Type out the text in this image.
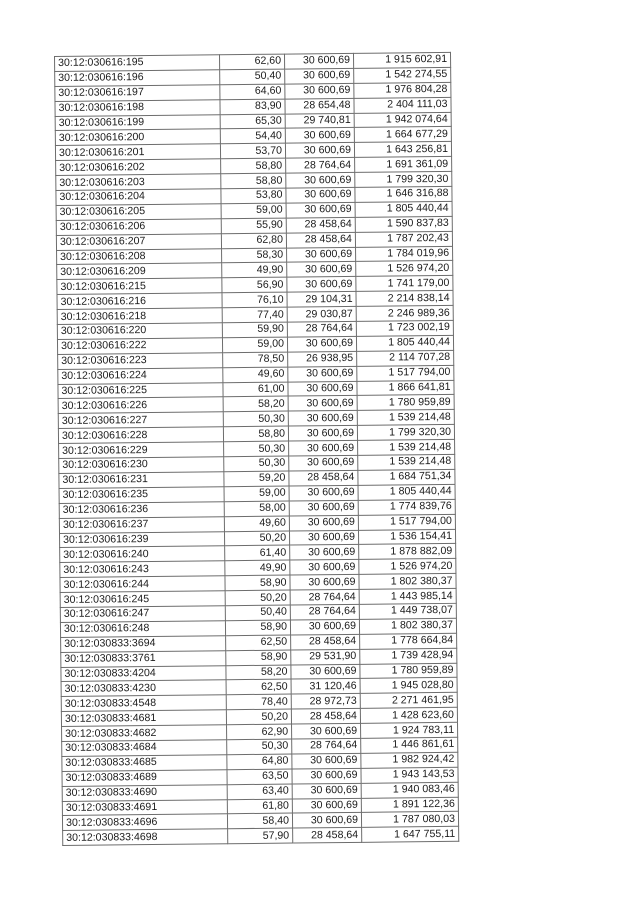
30:12:030616:195	62,60	30 600,69	1 915 602,91
30:12:030616:196	50,40	30 600,69	1 542 274,55
30:12:030616:197	64,60	30 600,69	1 976 804,28
30:12:030616:198	83,90	28 654,48	2 404 111,03
30:12:030616:199	65,30	29 740,81	1 942 074,64
30:12:030616:200	54,40	30 600,69	1 664 677,29
30:12:030616:201	53,70	30 600,69	1 643 256,81
30:12:030616:202	58,80	28 764,64	1 691 361,09
30:12:030616:203	58,80	30 600,69	1 799 320,30
30:12:030616:204	53,80	30 600,69	1 646 316,88
30:12:030616:205	59,00	30 600,69	1 805 440,44
30:12:030616:206	55,90	28 458,64	1 590 837,83
30:12:030616:207	62,80	28 458,64	1 787 202,43
30:12:030616:208	58,30	30 600,69	1 784 019,96
30:12:030616:209	49,90	30 600,69	1 526 974,20
30:12:030616:215	56,90	30 600,69	1 741 179,00
30:12:030616:216	76,10	29 104,31	2 214 838,14
30:12:030616:218	77,40	29 030,87	2 246 989,36
30:12:030616:220	59,90	28 764,64	1 723 002,19
30:12:030616:222	59,00	30 600,69	1 805 440,44
30:12:030616:223	78,50	26 938,95	2 114 707,28
30:12:030616:224	49,60	30 600,69	1 517 794,00
30:12:030616:225	61,00	30 600,69	1 866 641,81
30:12:030616:226	58,20	30 600,69	1 780 959,89
30:12:030616:227	50,30	30 600,69	1 539 214,48
30:12:030616:228	58,80	30 600,69	1 799 320,30
30:12:030616:229	50,30	30 600,69	1 539 214,48
30:12:030616:230	50,30	30 600,69	1 539 214,48
30:12:030616:231	59,20	28 458,64	1 684 751,34
30:12:030616:235	59,00	30 600,69	1 805 440,44
30:12:030616:236	58,00	30 600,69	1 774 839,76
30:12:030616:237	49,60	30 600,69	1 517 794,00
30:12:030616:239	50,20	30 600,69	1 536 154,41
30:12:030616:240	61,40	30 600,69	1 878 882,09
30:12:030616:243	49,90	30 600,69	1 526 974,20
30:12:030616:244	58,90	30 600,69	1 802 380,37
30:12:030616:245	50,20	28 764,64	1 443 985,14
30:12:030616:247	50,40	28 764,64	1 449 738,07
30:12:030616:248	58,90	30 600,69	1 802 380,37
30:12:030833:3694	62,50	28 458,64	1 778 664,84
30:12:030833:3761	58,90	29 531,90	1 739 428,94
30:12:030833:4204	58,20	30 600,69	1 780 959,89
30:12:030833:4230	62,50	31 120,46	1 945 028,80
30:12:030833:4548	78,40	28 972,73	2 271 461,95
30:12:030833:4681	50,20	28 458,64	1 428 623,60
30:12:030833:4682	62,90	30 600,69	1 924 783,11
30:12:030833:4684	50,30	28 764,64	1 446 861,61
30:12:030833:4685	64,80	30 600,69	1 982 924,42
30:12:030833:4689	63,50	30 600,69	1 943 143,53
30:12:030833:4690	63,40	30 600,69	1 940 083,46
30:12:030833:4691	61,80	30 600,69	1 891 122,36
30:12:030833:4696	58,40	30 600,69	1 787 080,03
30:12:030833:4698	57,90	28 458,64	1 647 755,11
